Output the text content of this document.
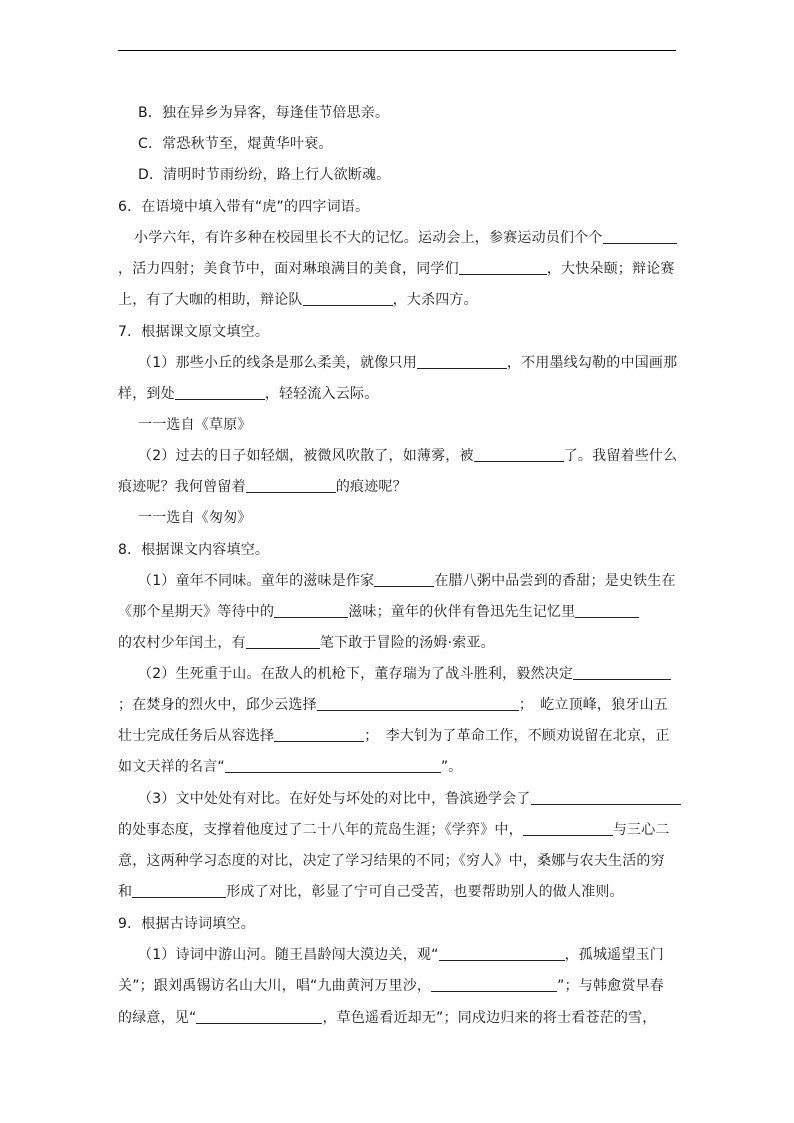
B．独在异乡为异客，每逢佳节倍思亲。
C．常恐秋节至，焜黄华叶衰。
D．清明时节雨纷纷，路上行人欲断魂。
6．在语境中填入带有“虎”的四字词语。
小学六年，有许多种在校园里长不大的记忆。运动会上，参赛运动员们个个
，活力四射；美食节中，面对琳琅满目的美食，同学们	，大快朵颐；辩论赛
上，有了大咖的相助，辩论队	，大杀四方。
7．根据课文原文填空。
（1）那些小丘的线条是那么柔美，就像只用	，不用墨线勾勒的中国画那
样，到处	，轻轻流入云际。
一一选自《草原》
（2）过去的日子如轻烟，被微风吹散了，如薄雾，被	了。我留着些什么
痕迹呢？我何曾留着	的痕迹呢？
一一选自《匆匆》
8．根据课文内容填空。
（1）童年不同味。童年的滋味是作家	在腊八粥中品尝到的香甜；是史铁生在
《那个星期天》等待中的	滋味；童年的伙伴有鲁迅先生记忆里
的农村少年闰土，有	笔下敢于冒险的汤姆·索亚。
（2）生死重于山。在敌人的机枪下，董存瑞为了战斗胜利，毅然决定
；在焚身的烈火中，邱少云选择	；　屹立顶峰，狼牙山五
壮士完成任务后从容选择	；　李大钊为了革命工作，不顾劝说留在北京，正
如文天祥的名言“	”。
（3）文中处处有对比。在好处与坏处的对比中，鲁滨逊学会了
的处事态度，支撑着他度过了二十八年的荒岛生涯；《学弈》中，	与三心二
意，这两种学习态度的对比，决定了学习结果的不同；《穷人》中，桑娜与农夫生活的穷
和	形成了对比，彰显了宁可自己受苦，也要帮助别人的做人准则。
9．根据古诗词填空。
（1）诗词中游山河。随王昌龄闯大漠边关，观“	，孤城遥望玉门
关”；跟刘禹锡访名山大川，唱“九曲黄河万里沙，	”；与韩愈赏早春
的绿意，见“	，草色遥看近却无”；同戍边归来的将士看苍茫的雪，
